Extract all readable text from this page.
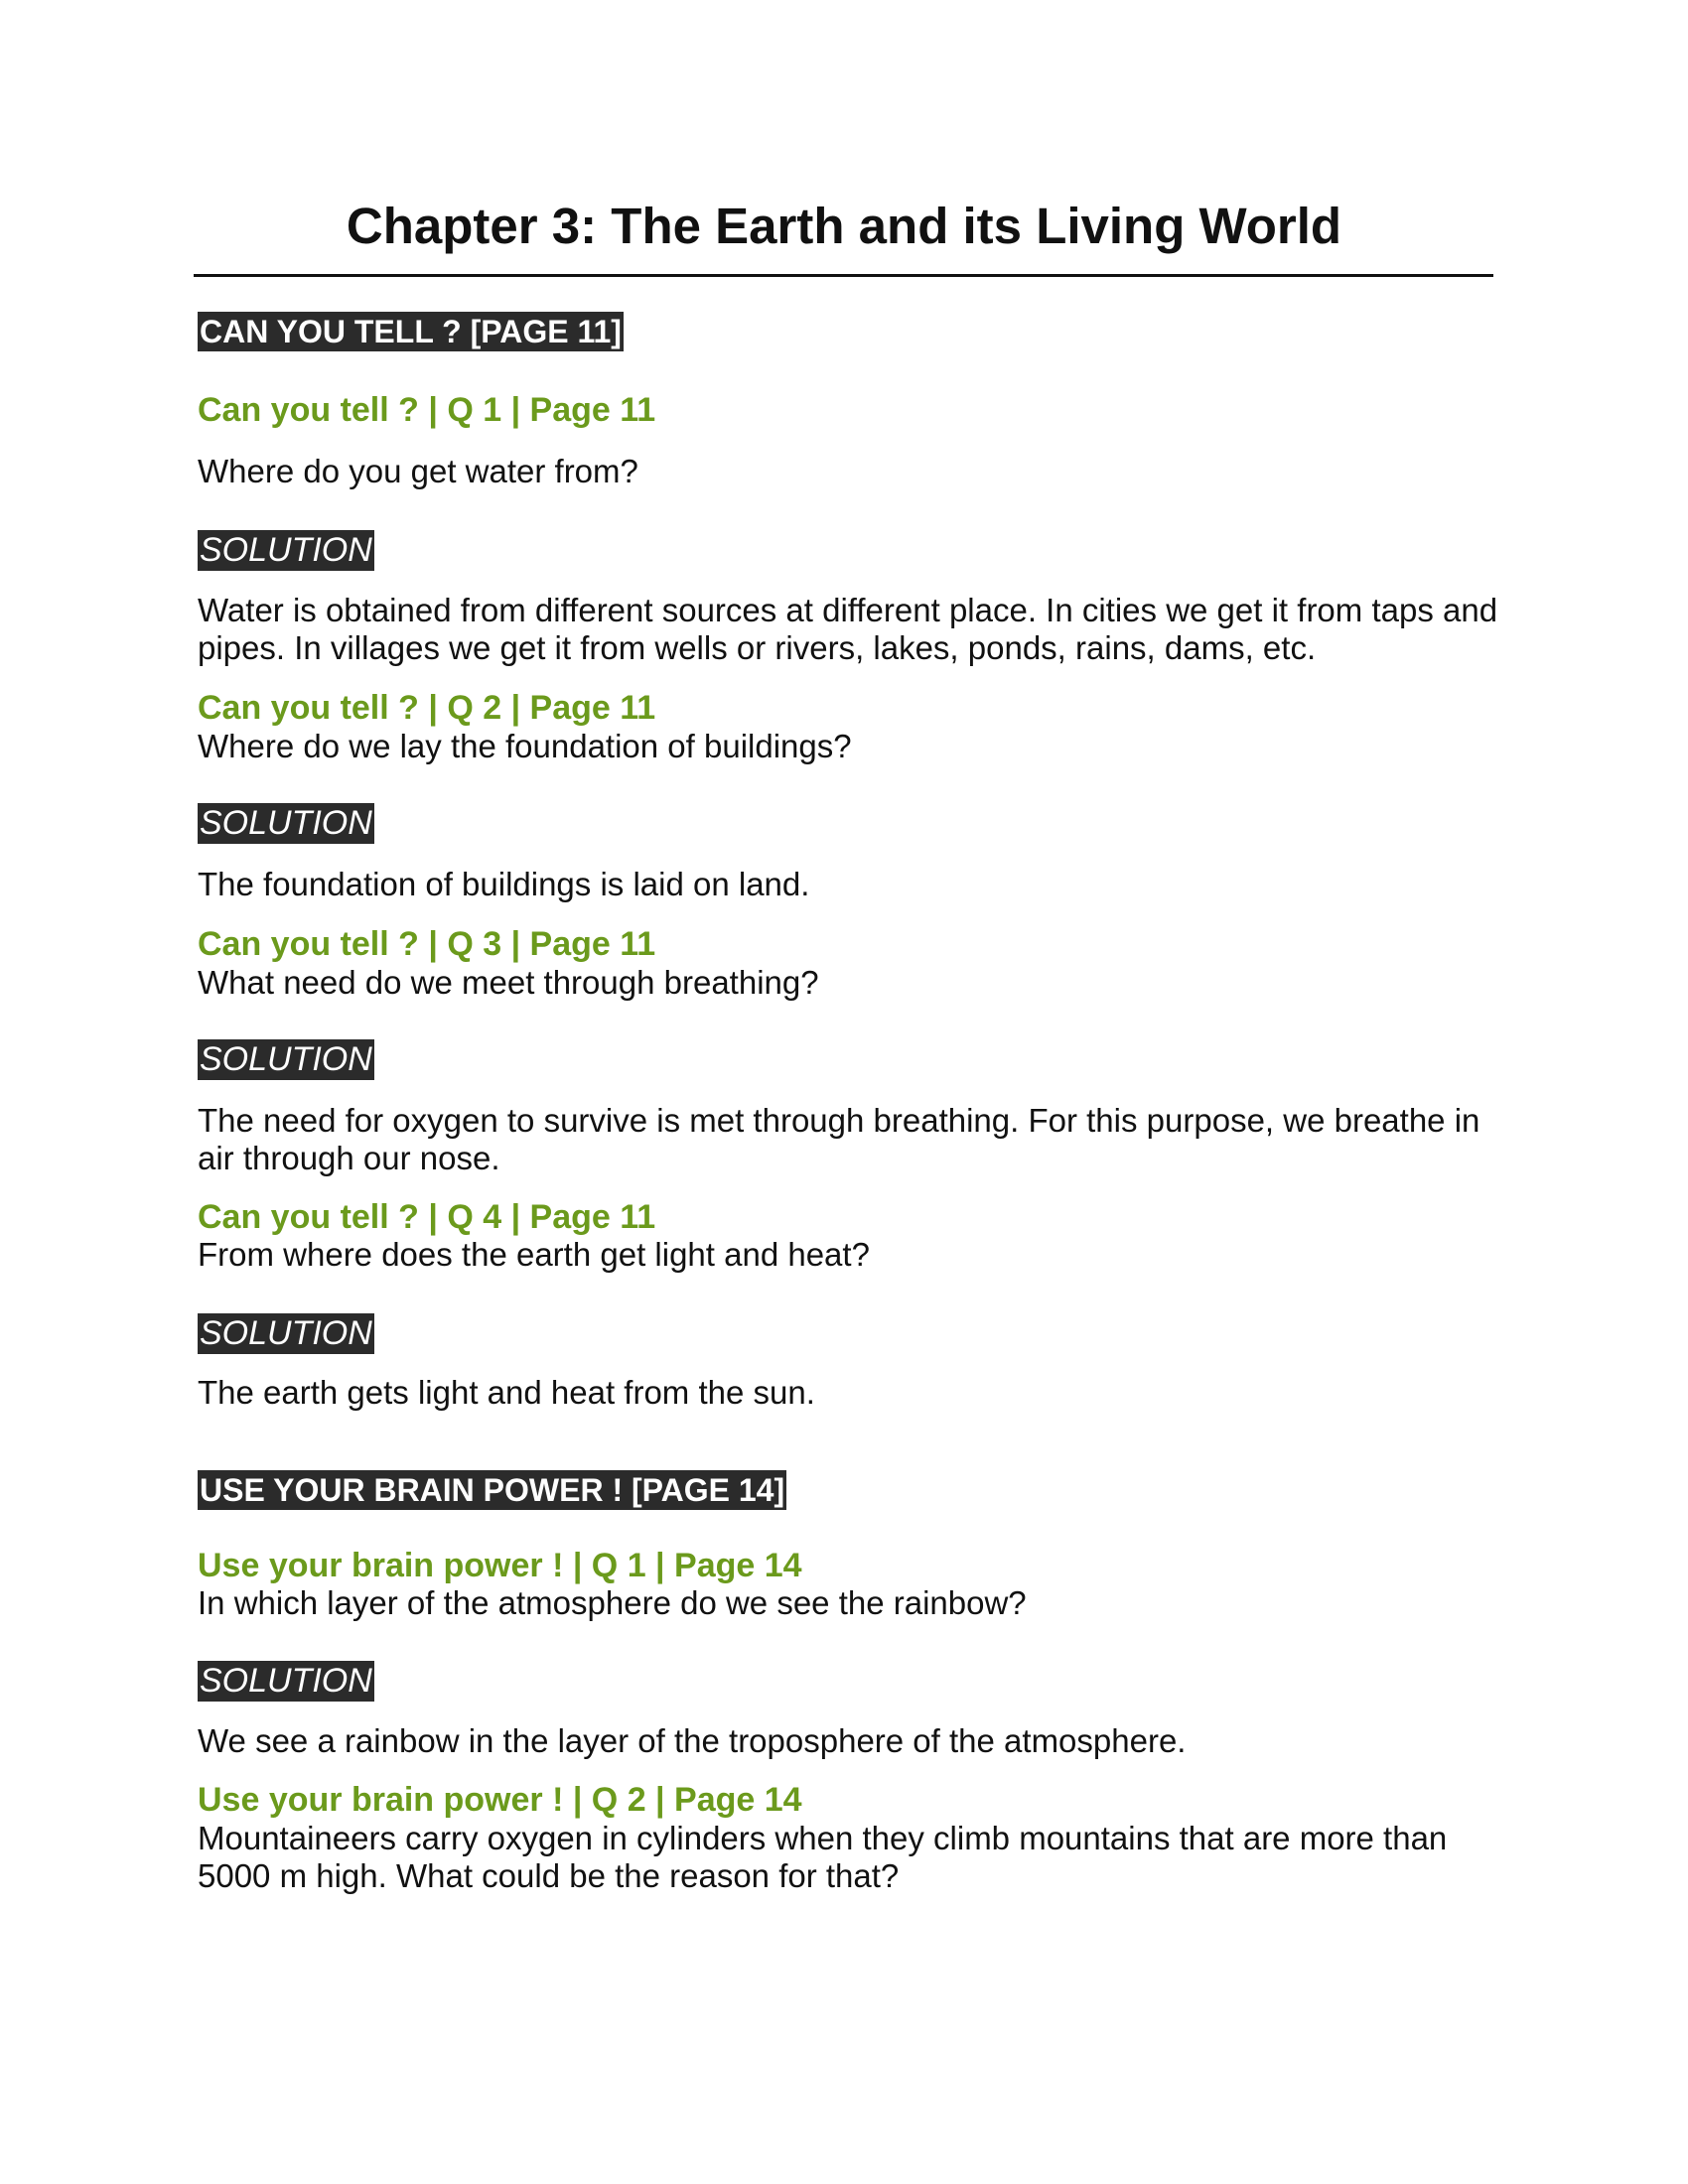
Chapter 3: The Earth and its Living World
CAN YOU TELL ? [PAGE 11]
Can you tell ? | Q 1 | Page 11
Where do you get water from?
SOLUTION
Water is obtained from different sources at different place. In cities we get it from taps and pipes. In villages we get it from wells or rivers, lakes, ponds, rains, dams, etc.
Can you tell ? | Q 2 | Page 11
Where do we lay the foundation of buildings?
SOLUTION
The foundation of buildings is laid on land.
Can you tell ? | Q 3 | Page 11
What need do we meet through breathing?
SOLUTION
The need for oxygen to survive is met through breathing. For this purpose, we breathe in air through our nose.
Can you tell ? | Q 4 | Page 11
From where does the earth get light and heat?
SOLUTION
The earth gets light and heat from the sun.
USE YOUR BRAIN POWER ! [PAGE 14]
Use your brain power ! | Q 1 | Page 14
In which layer of the atmosphere do we see the rainbow?
SOLUTION
We see a rainbow in the layer of the troposphere of the atmosphere.
Use your brain power ! | Q 2 | Page 14
Mountaineers carry oxygen in cylinders when they climb mountains that are more than 5000 m high. What could be the reason for that?
